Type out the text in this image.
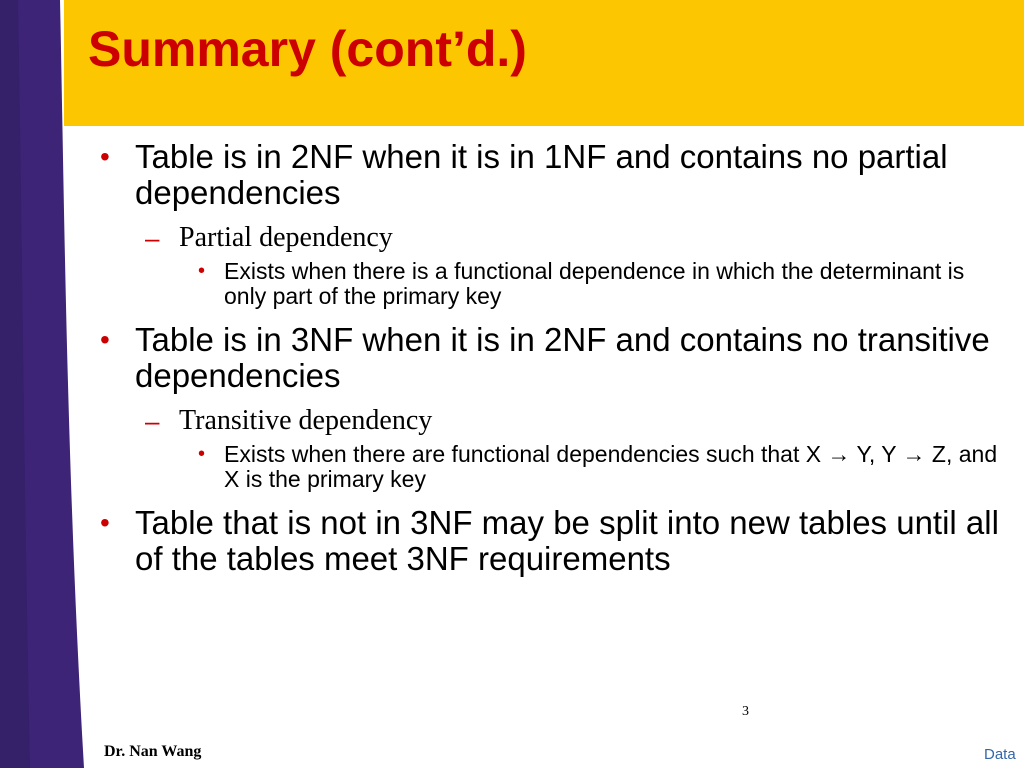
Summary (cont’d.)
• Table is in 2NF when it is in 1NF and contains no partial dependencies
– Partial dependency
• Exists when there is a functional dependence in which the determinant is only part of the primary key
• Table is in 3NF when it is in 2NF and contains no transitive dependencies
– Transitive dependency
• Exists when there are functional dependencies such that X → Y, Y → Z, and X is the primary key
• Table that is not in 3NF may be split into new tables until all of the tables meet 3NF requirements
3
Dr. Nan Wang	Data
